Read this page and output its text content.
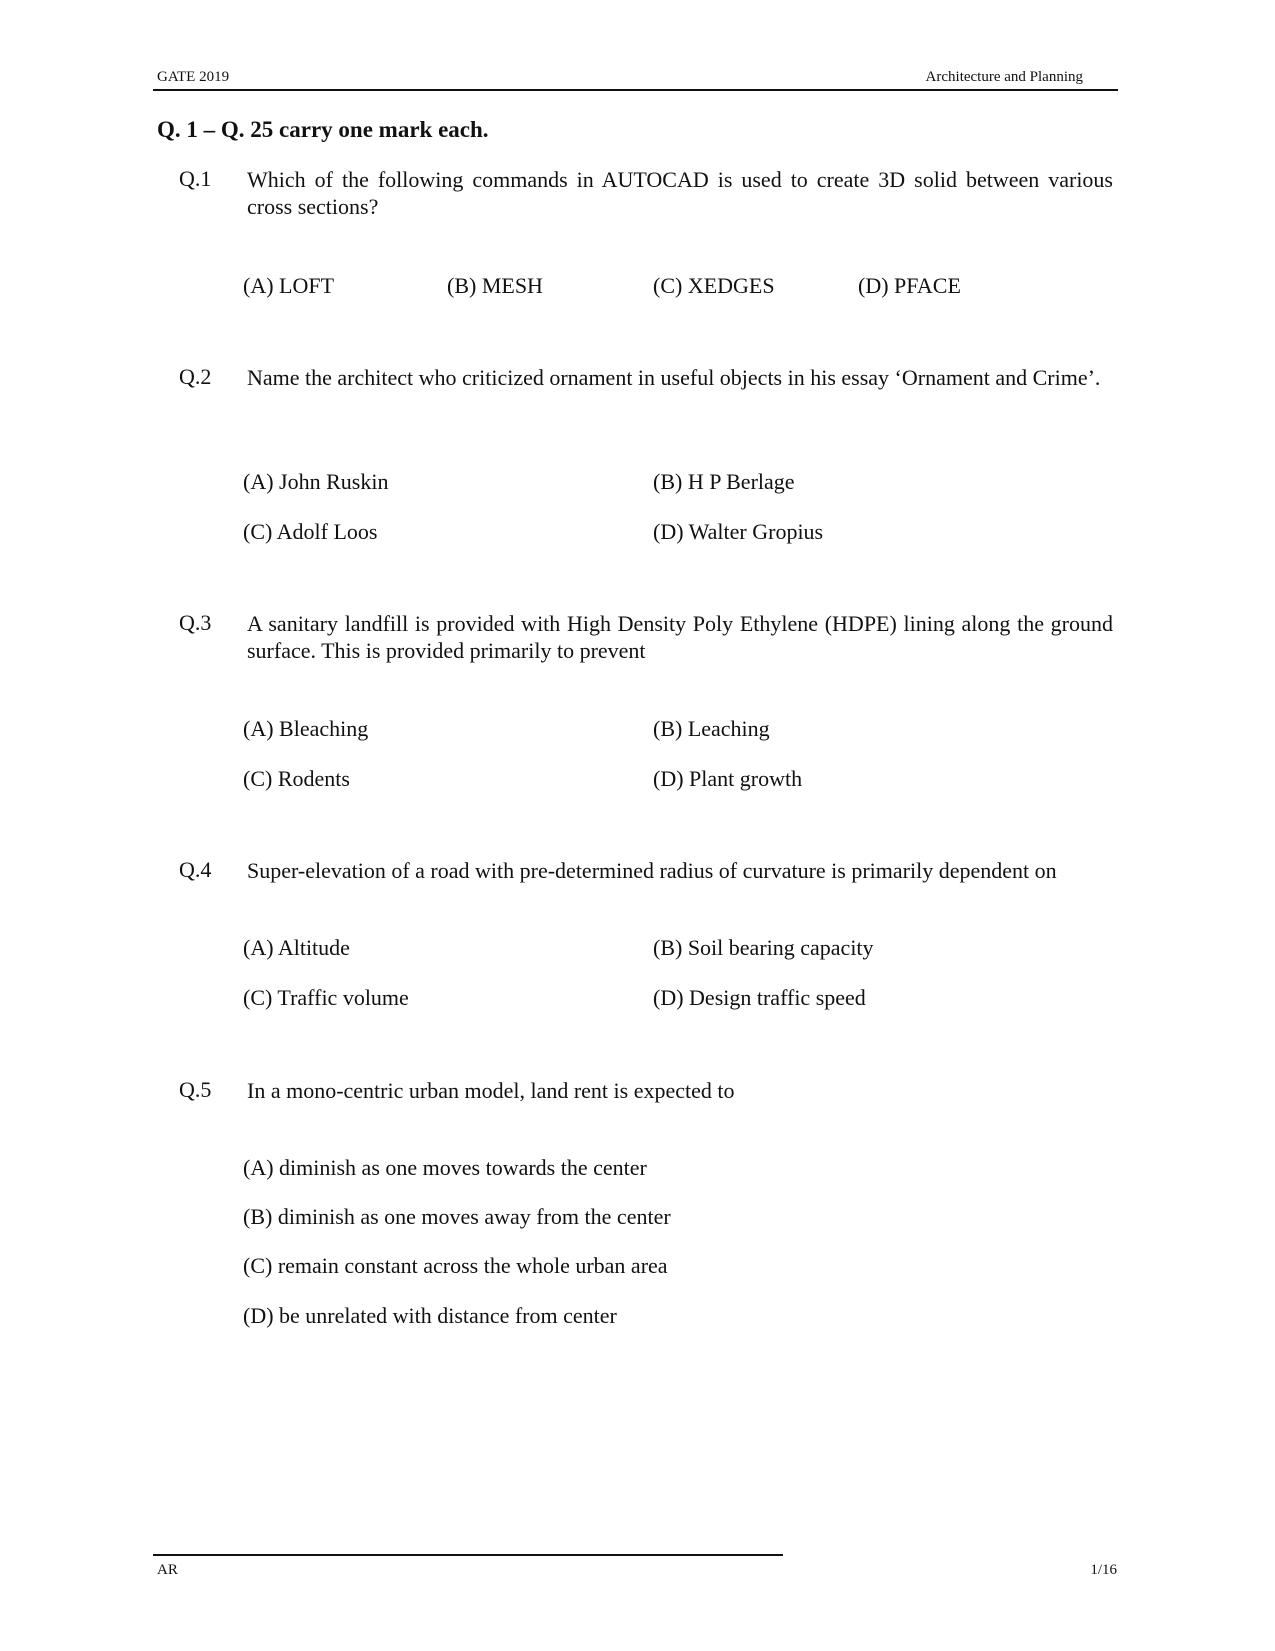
GATE 2019	Architecture and Planning
Q. 1 – Q. 25 carry one mark each.
Q.1 Which of the following commands in AUTOCAD is used to create 3D solid between various cross sections?
(A) LOFT	(B) MESH	(C) XEDGES	(D) PFACE
Q.2 Name the architect who criticized ornament in useful objects in his essay ‘Ornament and Crime’.
(A) John Ruskin	(B) H P Berlage
(C) Adolf Loos	(D) Walter Gropius
Q.3 A sanitary landfill is provided with High Density Poly Ethylene (HDPE) lining along the ground surface. This is provided primarily to prevent
(A) Bleaching	(B) Leaching
(C) Rodents	(D) Plant growth
Q.4 Super-elevation of a road with pre-determined radius of curvature is primarily dependent on
(A) Altitude	(B) Soil bearing capacity
(C) Traffic volume	(D) Design traffic speed
Q.5 In a mono-centric urban model, land rent is expected to
(A) diminish as one moves towards the center
(B) diminish as one moves away from the center
(C) remain constant across the whole urban area
(D) be unrelated with distance from center
AR	1/16
